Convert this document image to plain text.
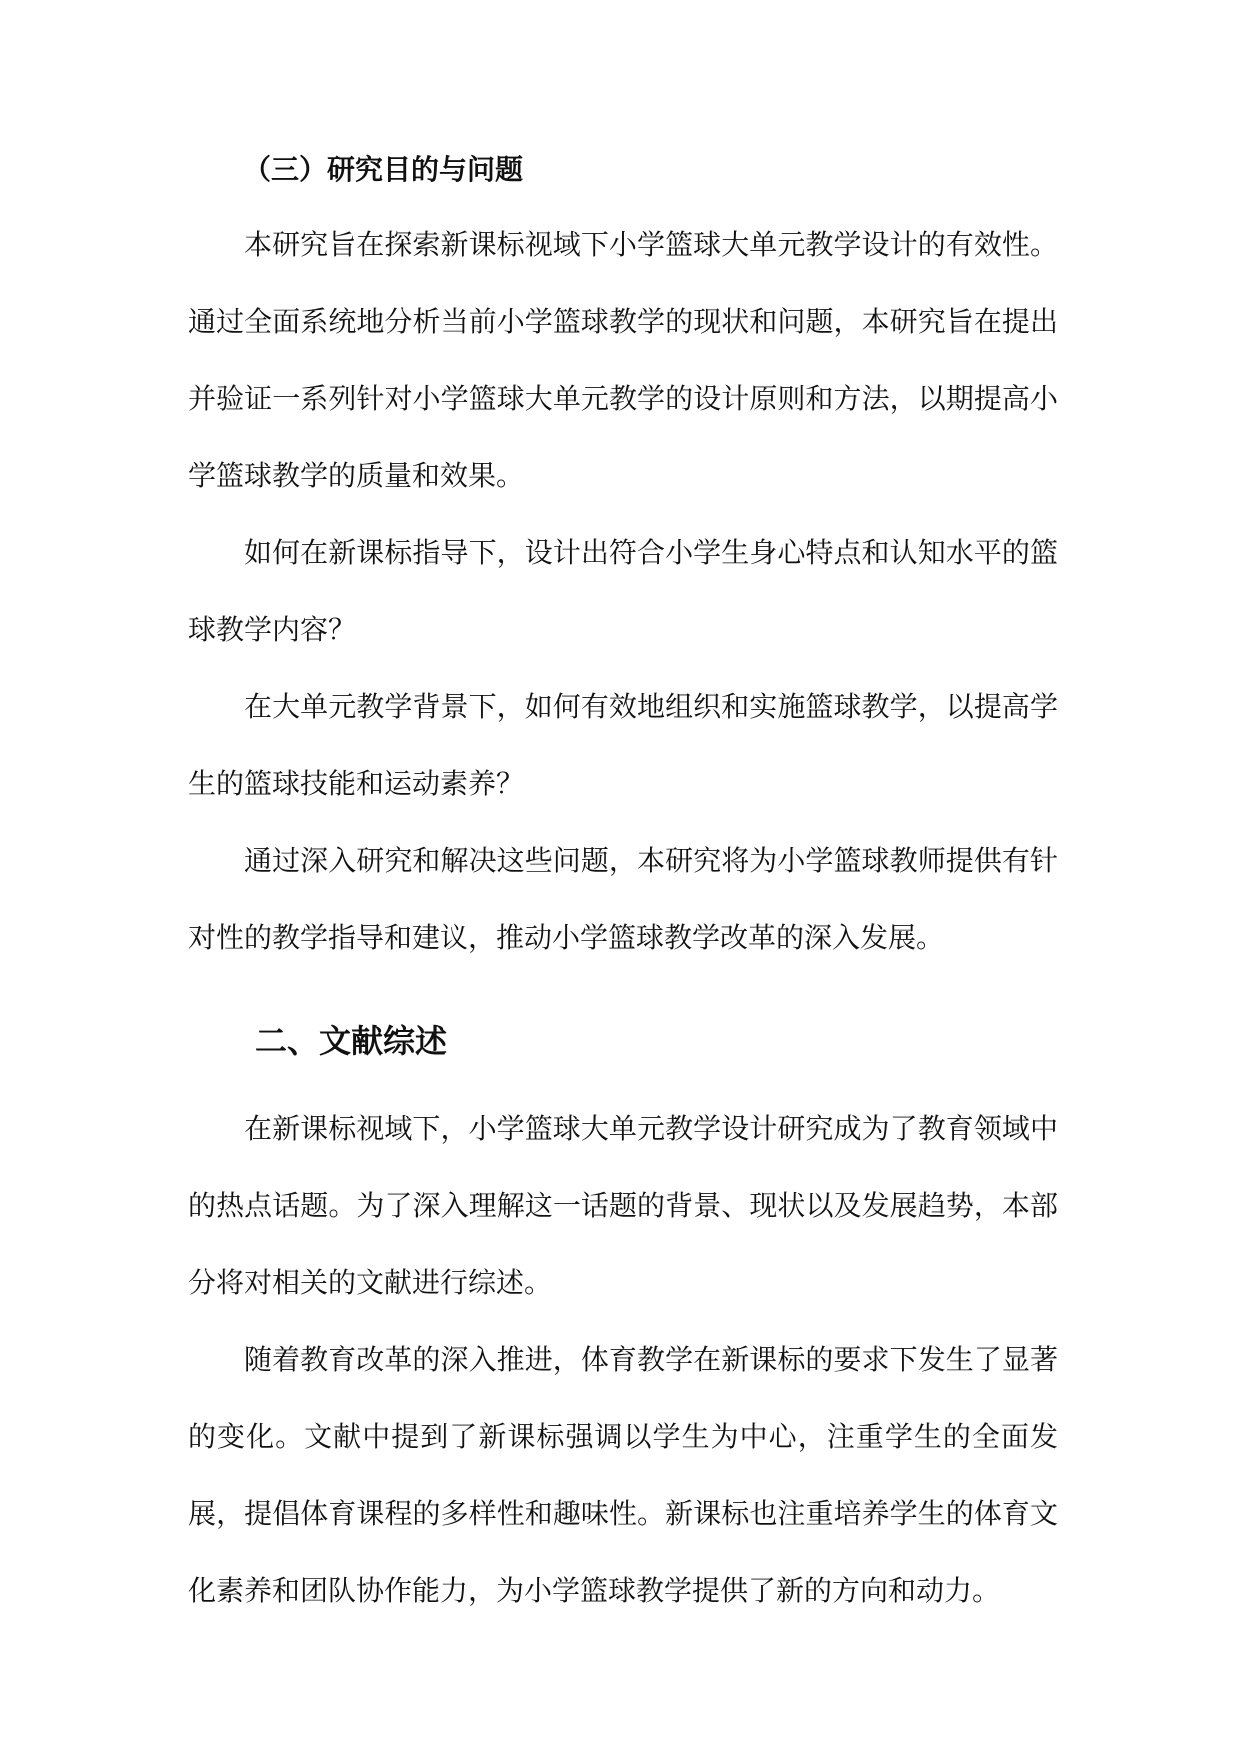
（三）研究目的与问题

本研究旨在探索新课标视域下小学篮球大单元教学设计的有效性。通过全面系统地分析当前小学篮球教学的现状和问题，本研究旨在提出并验证一系列针对小学篮球大单元教学的设计原则和方法，以期提高小学篮球教学的质量和效果。

如何在新课标指导下，设计出符合小学生身心特点和认知水平的篮球教学内容？

在大单元教学背景下，如何有效地组织和实施篮球教学，以提高学生的篮球技能和运动素养？

通过深入研究和解决这些问题，本研究将为小学篮球教师提供有针对性的教学指导和建议，推动小学篮球教学改革的深入发展。

二、文献综述

在新课标视域下，小学篮球大单元教学设计研究成为了教育领域中的热点话题。为了深入理解这一话题的背景、现状以及发展趋势，本部分将对相关的文献进行综述。

随着教育改革的深入推进，体育教学在新课标的要求下发生了显著的变化。文献中提到了新课标强调以学生为中心，注重学生的全面发展，提倡体育课程的多样性和趣味性。新课标也注重培养学生的体育文化素养和团队协作能力，为小学篮球教学提供了新的方向和动力。
